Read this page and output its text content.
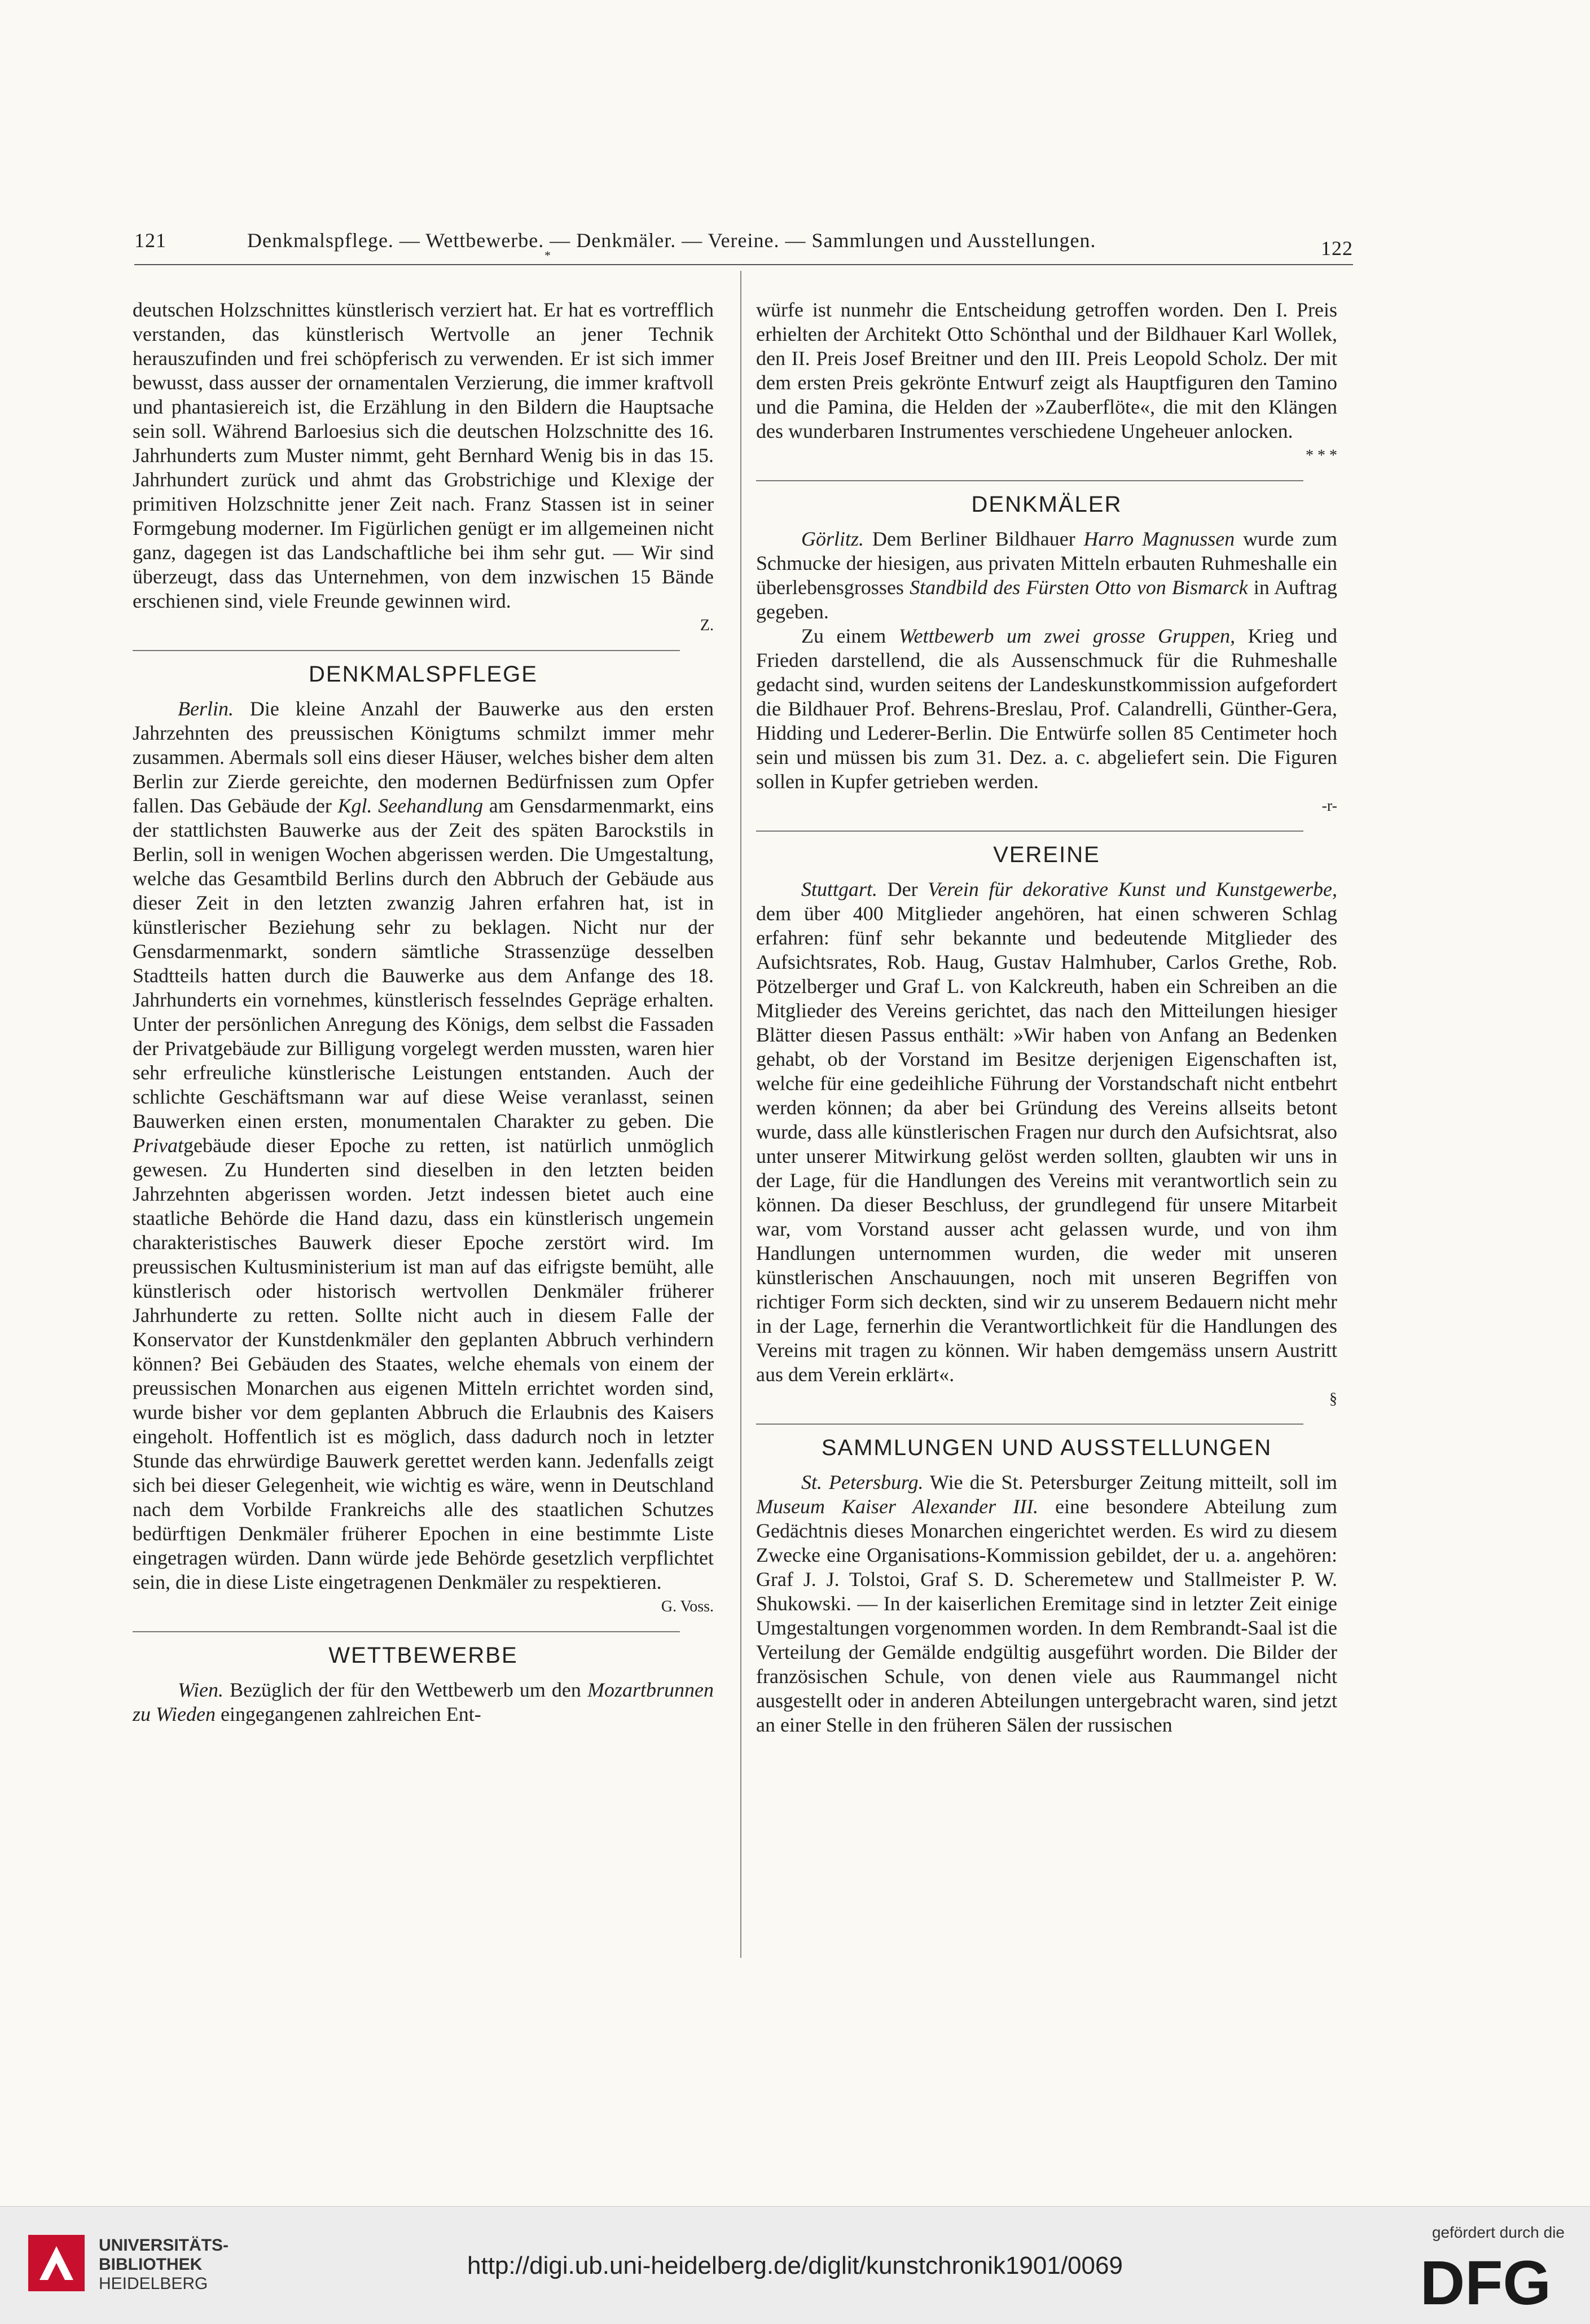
121	Denkmalspflege. — Wettbewerbe. — Denkmäler. — Vereine. — Sammlungen und Ausstellungen.	122
*

deutschen Holzschnittes künstlerisch verziert hat. Er hat es vortrefflich verstanden, das künstlerisch Wertvolle an jener Technik herauszufinden und frei schöpferisch zu verwenden. Er ist sich immer bewusst, dass ausser der ornamentalen Verzierung, die immer kraftvoll und phantasiereich ist, die Erzählung in den Bildern die Hauptsache sein soll. Während Barloesius sich die deutschen Holzschnitte des 16. Jahrhunderts zum Muster nimmt, geht Bernhard Wenig bis in das 15. Jahrhundert zurück und ahmt das Grobstrichige und Klexige der primitiven Holzschnitte jener Zeit nach. Franz Stassen ist in seiner Formgebung moderner. Im Figürlichen genügt er im allgemeinen nicht ganz, dagegen ist das Landschaftliche bei ihm sehr gut. — Wir sind überzeugt, dass das Unternehmen, von dem inzwischen 15 Bände erschienen sind, viele Freunde gewinnen wird.

Z.
DENKMALSPFLEGE

Berlin. Die kleine Anzahl der Bauwerke aus den ersten Jahrzehnten des preussischen Königtums schmilzt immer mehr zusammen. Abermals soll eins dieser Häuser, welches bisher dem alten Berlin zur Zierde gereichte, den modernen Bedürfnissen zum Opfer fallen. Das Gebäude der Kgl. Seehandlung am Gensdarmenmarkt, eins der stattlichsten Bauwerke aus der Zeit des späten Barockstils in Berlin, soll in wenigen Wochen abgerissen werden. Die Umgestaltung, welche das Gesamtbild Berlins durch den Abbruch der Gebäude aus dieser Zeit in den letzten zwanzig Jahren erfahren hat, ist in künstlerischer Beziehung sehr zu beklagen. Nicht nur der Gensdarmenmarkt, sondern sämtliche Strassenzüge desselben Stadtteils hatten durch die Bauwerke aus dem Anfange des 18. Jahrhunderts ein vornehmes, künstlerisch fesselndes Gepräge erhalten. Unter der persönlichen Anregung des Königs, dem selbst die Fassaden der Privatgebäude zur Billigung vorgelegt werden mussten, waren hier sehr erfreuliche künstlerische Leistungen entstanden. Auch der schlichte Geschäftsmann war auf diese Weise veranlasst, seinen Bauwerken einen ersten, monumentalen Charakter zu geben. Die Privatgebäude dieser Epoche zu retten, ist natürlich unmöglich gewesen. Zu Hunderten sind dieselben in den letzten beiden Jahrzehnten abgerissen worden. Jetzt indessen bietet auch eine staatliche Behörde die Hand dazu, dass ein künstlerisch ungemein charakteristisches Bauwerk dieser Epoche zerstört wird. Im preussischen Kultusministerium ist man auf das eifrigste bemüht, alle künstlerisch oder historisch wertvollen Denkmäler früherer Jahrhunderte zu retten. Sollte nicht auch in diesem Falle der Konservator der Kunstdenkmäler den geplanten Abbruch verhindern können? Bei Gebäuden des Staates, welche ehemals von einem der preussischen Monarchen aus eigenen Mitteln errichtet worden sind, wurde bisher vor dem geplanten Abbruch die Erlaubnis des Kaisers eingeholt. Hoffentlich ist es möglich, dass dadurch noch in letzter Stunde das ehrwürdige Bauwerk gerettet werden kann. Jedenfalls zeigt sich bei dieser Gelegenheit, wie wichtig es wäre, wenn in Deutschland nach dem Vorbilde Frankreichs alle des staatlichen Schutzes bedürftigen Denkmäler früherer Epochen in eine bestimmte Liste eingetragen würden. Dann würde jede Behörde gesetzlich verpflichtet sein, die in diese Liste eingetragenen Denkmäler zu respektieren.

G. Voss.
WETTBEWERBE

Wien. Bezüglich der für den Wettbewerb um den Mozartbrunnen zu Wieden eingegangenen zahlreichen Ent-

würfe ist nunmehr die Entscheidung getroffen worden. Den I. Preis erhielten der Architekt Otto Schönthal und der Bildhauer Karl Wollek, den II. Preis Josef Breitner und den III. Preis Leopold Scholz. Der mit dem ersten Preis gekrönte Entwurf zeigt als Hauptfiguren den Tamino und die Pamina, die Helden der »Zauberflöte«, die mit den Klängen des wunderbaren Instrumentes verschiedene Ungeheuer anlocken.

* * *
DENKMÄLER

Görlitz. Dem Berliner Bildhauer Harro Magnussen wurde zum Schmucke der hiesigen, aus privaten Mitteln erbauten Ruhmeshalle ein überlebensgrosses Standbild des Fürsten Otto von Bismarck in Auftrag gegeben.

Zu einem Wettbewerb um zwei grosse Gruppen, Krieg und Frieden darstellend, die als Aussenschmuck für die Ruhmeshalle gedacht sind, wurden seitens der Landeskunstkommission aufgefordert die Bildhauer Prof. Behrens-Breslau, Prof. Calandrelli, Günther-Gera, Hidding und Lederer-Berlin. Die Entwürfe sollen 85 Centimeter hoch sein und müssen bis zum 31. Dez. a. c. abgeliefert sein. Die Figuren sollen in Kupfer getrieben werden.

-r-
VEREINE

Stuttgart. Der Verein für dekorative Kunst und Kunstgewerbe, dem über 400 Mitglieder angehören, hat einen schweren Schlag erfahren: fünf sehr bekannte und bedeutende Mitglieder des Aufsichtsrates, Rob. Haug, Gustav Halmhuber, Carlos Grethe, Rob. Pötzelberger und Graf L. von Kalckreuth, haben ein Schreiben an die Mitglieder des Vereins gerichtet, das nach den Mitteilungen hiesiger Blätter diesen Passus enthält: »Wir haben von Anfang an Bedenken gehabt, ob der Vorstand im Besitze derjenigen Eigenschaften ist, welche für eine gedeihliche Führung der Vorstandschaft nicht entbehrt werden können; da aber bei Gründung des Vereins allseits betont wurde, dass alle künstlerischen Fragen nur durch den Aufsichtsrat, also unter unserer Mitwirkung gelöst werden sollten, glaubten wir uns in der Lage, für die Handlungen des Vereins mit verantwortlich sein zu können. Da dieser Beschluss, der grundlegend für unsere Mitarbeit war, vom Vorstand ausser acht gelassen wurde, und von ihm Handlungen unternommen wurden, die weder mit unseren künstlerischen Anschauungen, noch mit unseren Begriffen von richtiger Form sich deckten, sind wir zu unserem Bedauern nicht mehr in der Lage, fernerhin die Verantwortlichkeit für die Handlungen des Vereins mit tragen zu können. Wir haben demgemäss unsern Austritt aus dem Verein erklärt«.

§
SAMMLUNGEN UND AUSSTELLUNGEN

St. Petersburg. Wie die St. Petersburger Zeitung mitteilt, soll im Museum Kaiser Alexander III. eine besondere Abteilung zum Gedächtnis dieses Monarchen eingerichtet werden. Es wird zu diesem Zwecke eine Organisations-Kommission gebildet, der u. a. angehören: Graf J. J. Tolstoi, Graf S. D. Scheremetew und Stallmeister P. W. Shukowski. — In der kaiserlichen Eremitage sind in letzter Zeit einige Umgestaltungen vorgenommen worden. In dem Rembrandt-Saal ist die Verteilung der Gemälde endgültig ausgeführt worden. Die Bilder der französischen Schule, von denen viele aus Raummangel nicht ausgestellt oder in anderen Abteilungen untergebracht waren, sind jetzt an einer Stelle in den früheren Sälen der russischen

UNIVERSITÄTS-
BIBLIOTHEK
HEIDELBERG
http://digi.ub.uni-heidelberg.de/diglit/kunstchronik1901/0069
gefördert durch die
DFG
